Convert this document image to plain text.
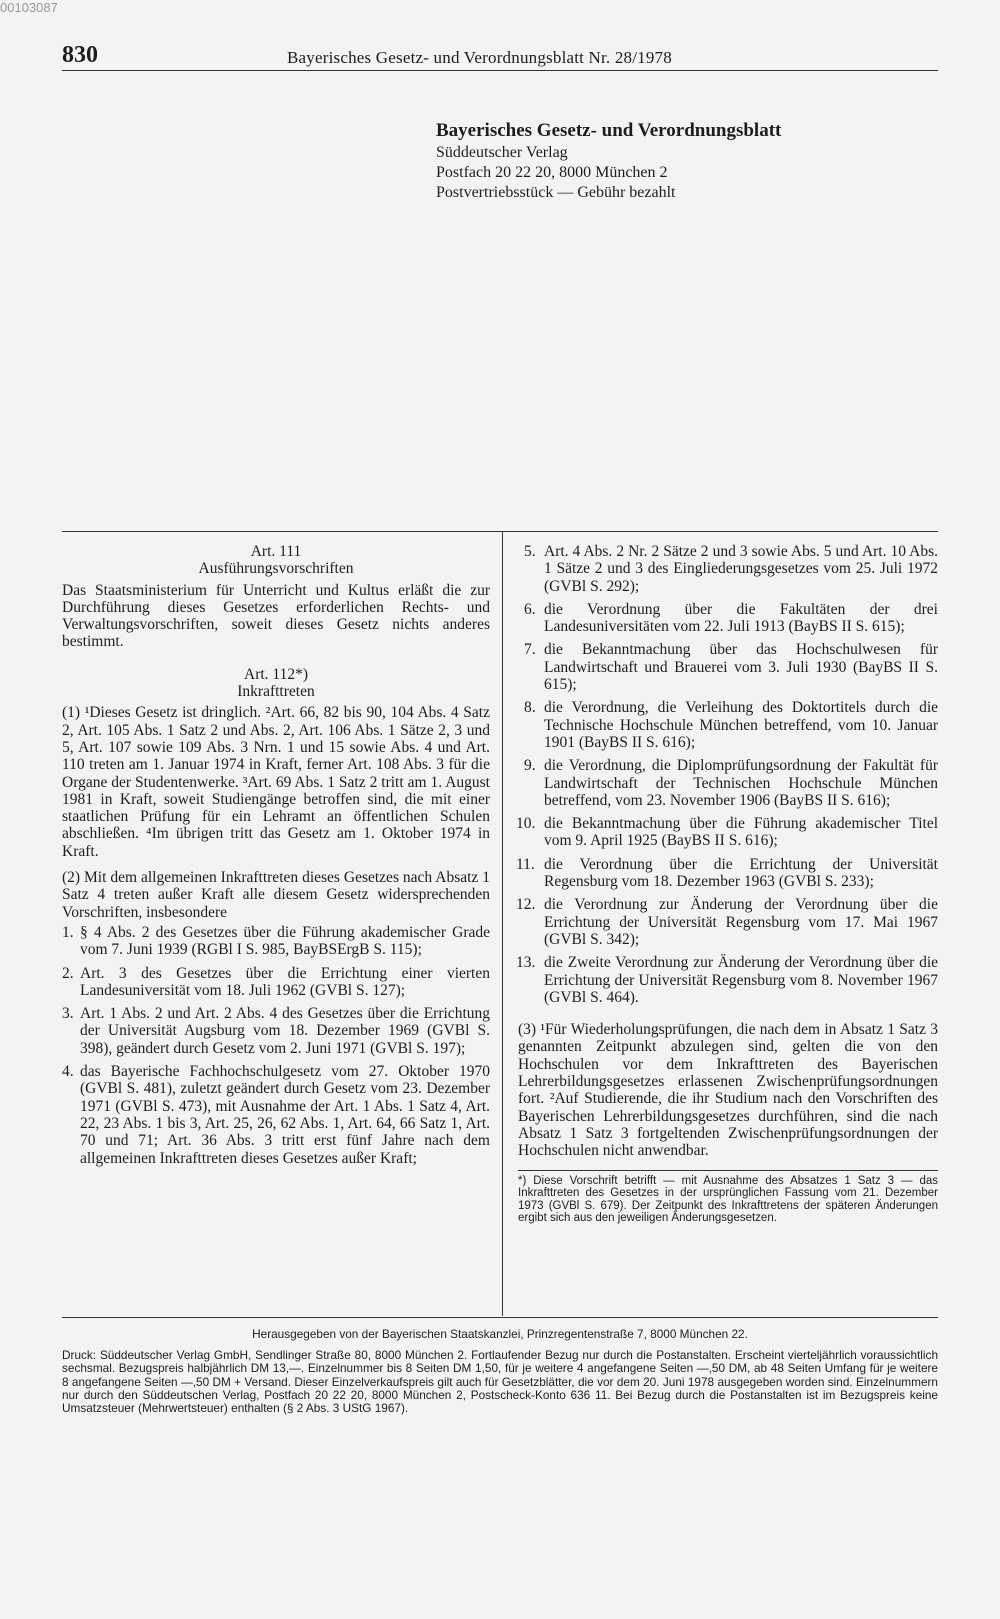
00103087
830	Bayerisches Gesetz- und Verordnungsblatt Nr. 28/1978
Bayerisches Gesetz- und Verordnungsblatt
Süddeutscher Verlag
Postfach 20 22 20, 8000 München 2
Postvertriebsstück — Gebühr bezahlt
Art. 111
Ausführungsvorschriften

Das Staatsministerium für Unterricht und Kultus erläßt die zur Durchführung dieses Gesetzes erforderlichen Rechts- und Verwaltungsvorschriften, soweit dieses Gesetz nichts anderes bestimmt.

Art. 112*)
Inkrafttreten

(1) ¹Dieses Gesetz ist dringlich. ²Art. 66, 82 bis 90, 104 Abs. 4 Satz 2, Art. 105 Abs. 1 Satz 2 und Abs. 2, Art. 106 Abs. 1 Sätze 2, 3 und 5, Art. 107 sowie 109 Abs. 3 Nrn. 1 und 15 sowie Abs. 4 und Art. 110 treten am 1. Januar 1974 in Kraft, ferner Art. 108 Abs. 3 für die Organe der Studentenwerke. ³Art. 69 Abs. 1 Satz 2 tritt am 1. August 1981 in Kraft, soweit Studiengänge betroffen sind, die mit einer staatlichen Prüfung für ein Lehramt an öffentlichen Schulen abschließen. ⁴Im übrigen tritt das Gesetz am 1. Oktober 1974 in Kraft.

(2) Mit dem allgemeinen Inkrafttreten dieses Gesetzes nach Absatz 1 Satz 4 treten außer Kraft alle diesem Gesetz widersprechenden Vorschriften, insbesondere

1. § 4 Abs. 2 des Gesetzes über die Führung akademischer Grade vom 7. Juni 1939 (RGBl I S. 985, BayBSErgB S. 115);
2. Art. 3 des Gesetzes über die Errichtung einer vierten Landesuniversität vom 18. Juli 1962 (GVBl S. 127);
3. Art. 1 Abs. 2 und Art. 2 Abs. 4 des Gesetzes über die Errichtung der Universität Augsburg vom 18. Dezember 1969 (GVBl S. 398), geändert durch Gesetz vom 2. Juni 1971 (GVBl S. 197);
4. das Bayerische Fachhochschulgesetz vom 27. Oktober 1970 (GVBl S. 481), zuletzt geändert durch Gesetz vom 23. Dezember 1971 (GVBl S. 473), mit Ausnahme der Art. 1 Abs. 1 Satz 4, Art. 22, 23 Abs. 1 bis 3, Art. 25, 26, 62 Abs. 1, Art. 64, 66 Satz 1, Art. 70 und 71; Art. 36 Abs. 3 tritt erst fünf Jahre nach dem allgemeinen Inkrafttreten dieses Gesetzes außer Kraft;
5. Art. 4 Abs. 2 Nr. 2 Sätze 2 und 3 sowie Abs. 5 und Art. 10 Abs. 1 Sätze 2 und 3 des Eingliederungsgesetzes vom 25. Juli 1972 (GVBl S. 292);
6. die Verordnung über die Fakultäten der drei Landesuniversitäten vom 22. Juli 1913 (BayBS II S. 615);
7. die Bekanntmachung über das Hochschulwesen für Landwirtschaft und Brauerei vom 3. Juli 1930 (BayBS II S. 615);
8. die Verordnung, die Verleihung des Doktortitels durch die Technische Hochschule München betreffend, vom 10. Januar 1901 (BayBS II S. 616);
9. die Verordnung, die Diplomprüfungsordnung der Fakultät für Landwirtschaft der Technischen Hochschule München betreffend, vom 23. November 1906 (BayBS II S. 616);
10. die Bekanntmachung über die Führung akademischer Titel vom 9. April 1925 (BayBS II S. 616);
11. die Verordnung über die Errichtung der Universität Regensburg vom 18. Dezember 1963 (GVBl S. 233);
12. die Verordnung zur Änderung der Verordnung über die Errichtung der Universität Regensburg vom 17. Mai 1967 (GVBl S. 342);
13. die Zweite Verordnung zur Änderung der Verordnung über die Errichtung der Universität Regensburg vom 8. November 1967 (GVBl S. 464).

(3) ¹Für Wiederholungsprüfungen, die nach dem in Absatz 1 Satz 3 genannten Zeitpunkt abzulegen sind, gelten die von den Hochschulen vor dem Inkrafttreten des Bayerischen Lehrerbildungsgesetzes erlassenen Zwischenprüfungsordnungen fort. ²Auf Studierende, die ihr Studium nach den Vorschriften des Bayerischen Lehrerbildungsgesetzes durchführen, sind die nach Absatz 1 Satz 3 fortgeltenden Zwischenprüfungsordnungen der Hochschulen nicht anwendbar.

*) Diese Vorschrift betrifft — mit Ausnahme des Absatzes 1 Satz 3 — das Inkrafttreten des Gesetzes in der ursprünglichen Fassung vom 21. Dezember 1973 (GVBl S. 679). Der Zeitpunkt des Inkrafttretens der späteren Änderungen ergibt sich aus den jeweiligen Änderungsgesetzen.

Herausgegeben von der Bayerischen Staatskanzlei, Prinzregentenstraße 7, 8000 München 22.

Druck: Süddeutscher Verlag GmbH, Sendlinger Straße 80, 8000 München 2. Fortlaufender Bezug nur durch die Postanstalten. Erscheint vierteljährlich voraussichtlich sechsmal. Bezugspreis halbjährlich DM 13,—. Einzelnummer bis 8 Seiten DM 1,50, für je weitere 4 angefangene Seiten —,50 DM, ab 48 Seiten Umfang für je weitere 8 angefangene Seiten —,50 DM + Versand. Dieser Einzelverkaufspreis gilt auch für Gesetzblätter, die vor dem 20. Juni 1978 ausgegeben worden sind. Einzelnummern nur durch den Süddeutschen Verlag, Postfach 20 22 20, 8000 München 2, Postscheck-Konto 636 11. Bei Bezug durch die Postanstalten ist im Bezugspreis keine Umsatzsteuer (Mehrwertsteuer) enthalten (§ 2 Abs. 3 UStG 1967).
